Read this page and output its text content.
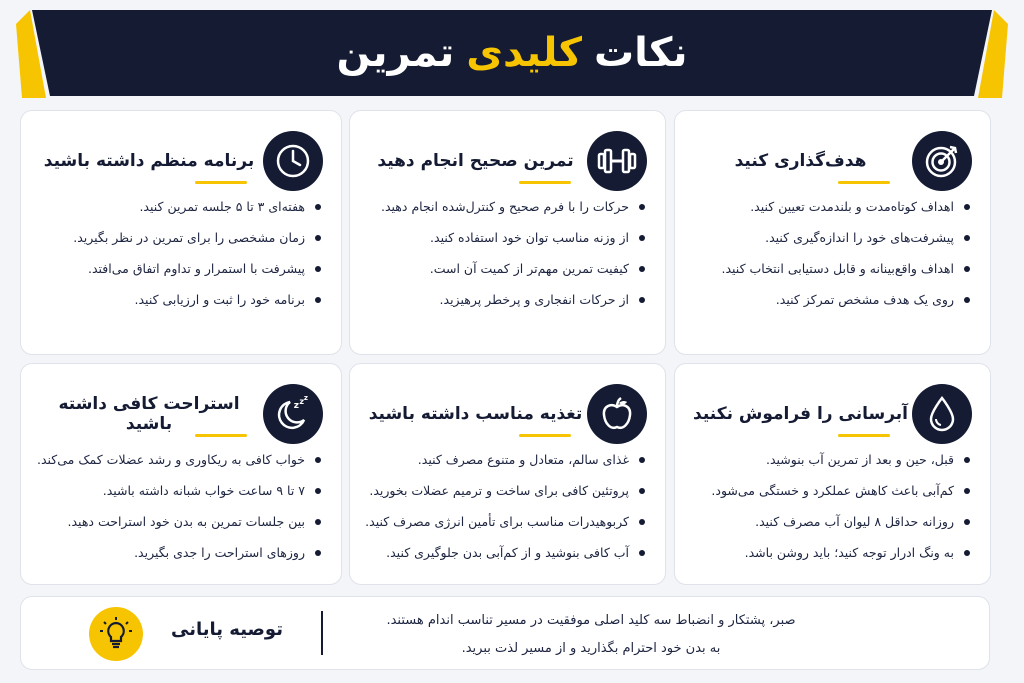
نکات
کلیدی
تمرین
هدف‌گذاری کنید
اهداف کوتاه‌مدت و بلندمدت تعیین کنید.
پیشرفت‌های خود را اندازه‌گیری کنید.
اهداف واقع‌بینانه و قابل دستیابی انتخاب کنید.
روی یک هدف مشخص تمرکز کنید.
تمرین صحیح انجام دهید
حرکات را با فرم صحیح و کنترل‌شده انجام دهید.
از وزنه مناسب توان خود استفاده کنید.
کیفیت تمرین مهم‌تر از کمیت آن است.
از حرکات انفجاری و پرخطر پرهیزید.
برنامه منظم داشته باشید
هفته‌ای ۳ تا ۵ جلسه تمرین کنید.
زمان مشخصی را برای تمرین در نظر بگیرید.
پیشرفت با استمرار و تداوم اتفاق می‌افتد.
برنامه خود را ثبت و ارزیابی کنید.
آبرسانی را فراموش نکنید
قبل، حین و بعد از تمرین آب بنوشید.
کم‌آبی باعث کاهش عملکرد و خستگی می‌شود.
روزانه حداقل ۸ لیوان آب مصرف کنید.
به ونگ ادرار توجه کنید؛ باید روشن باشد.
تغذیه مناسب داشته باشید
غذای سالم، متعادل و متنوع مصرف کنید.
پروتئین کافی برای ساخت و ترمیم عضلات بخورید.
کربوهیدرات مناسب برای تأمین انرژی مصرف کنید.
آب کافی بنوشید و از کم‌آبی بدن جلوگیری کنید.
z z z
استراحت کافی داشته باشید
خواب کافی به ریکاوری و رشد عضلات کمک می‌کند.
۷ تا ۹ ساعت خواب شبانه داشته باشید.
بین جلسات تمرین به بدن خود استراحت دهید.
روزهای استراحت را جدی بگیرید.
صبر، پشتکار و انضباط سه کلید اصلی موفقیت در مسیر تناسب اندام هستند.
به بدن خود احترام بگذارید و از مسیر لذت ببرید.
توصیه پایانی
